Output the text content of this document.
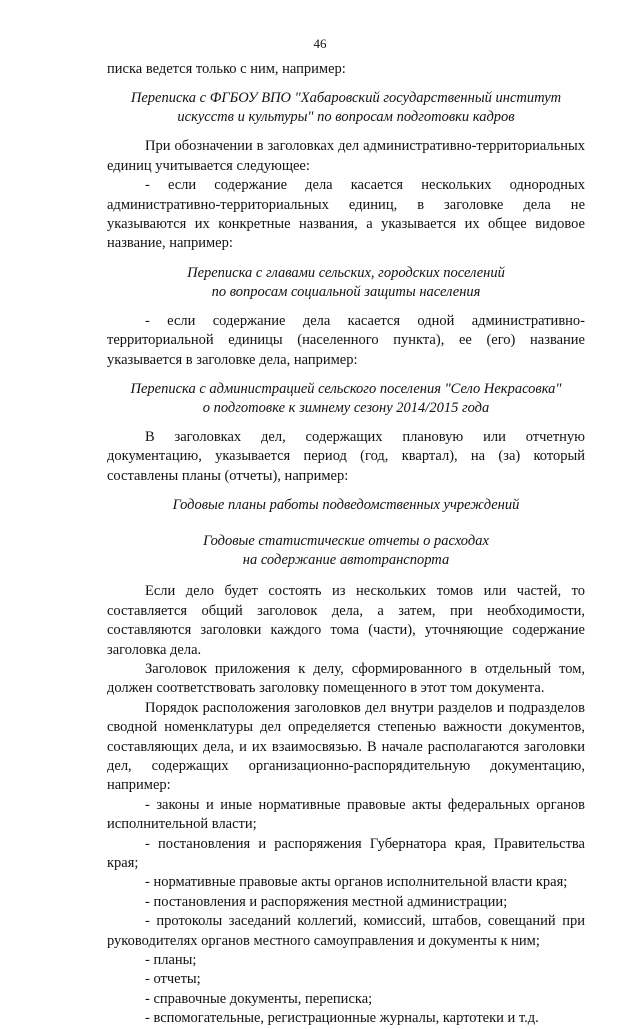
46

писка ведется только с ним, например:

Переписка с ФГБОУ ВПО "Хабаровский государственный институт
искусств и культуры" по вопросам подготовки кадров

При обозначении в заголовках дел административно-территориальных единиц учитывается следующее:

- если содержание дела касается нескольких однородных административно-территориальных единиц, в заголовке дела не указываются их конкретные названия, а указывается их общее видовое название, например:

Переписка с главами сельских, городских поселений
по вопросам социальной защиты населения

- если содержание дела касается одной административно-территориальной единицы (населенного пункта), ее (его) название указывается в заголовке дела, например:

Переписка с администрацией сельского поселения "Село Некрасовка"
о подготовке к зимнему сезону 2014/2015 года

В заголовках дел, содержащих плановую или отчетную документацию, указывается период (год, квартал), на (за) который составлены планы (отчеты), например:

Годовые планы работы подведомственных учреждений
Годовые статистические отчеты о расходах
на содержание автотранспорта

Если дело будет состоять из нескольких томов или частей, то составляется общий заголовок дела, а затем, при необходимости, составляются заголовки каждого тома (части), уточняющие содержание заголовка дела.

Заголовок приложения к делу, сформированного в отдельный том, должен соответствовать заголовку помещенного в этот том документа.

Порядок расположения заголовков дел внутри разделов и подразделов сводной номенклатуры дел определяется степенью важности документов, составляющих дела, и их взаимосвязью. В начале располагаются заголовки дел, содержащих организационно-распорядительную документацию, например:

- законы и иные нормативные правовые акты федеральных органов исполнительной власти;

- постановления и распоряжения Губернатора края, Правительства края;

- нормативные правовые акты органов исполнительной власти края;

- постановления и распоряжения местной администрации;

- протоколы заседаний коллегий, комиссий, штабов, совещаний при руководителях органов местного самоуправления и документы к ним;

- планы;

- отчеты;

- справочные документы, переписка;

- вспомогательные, регистрационные журналы, картотеки и т.д.
